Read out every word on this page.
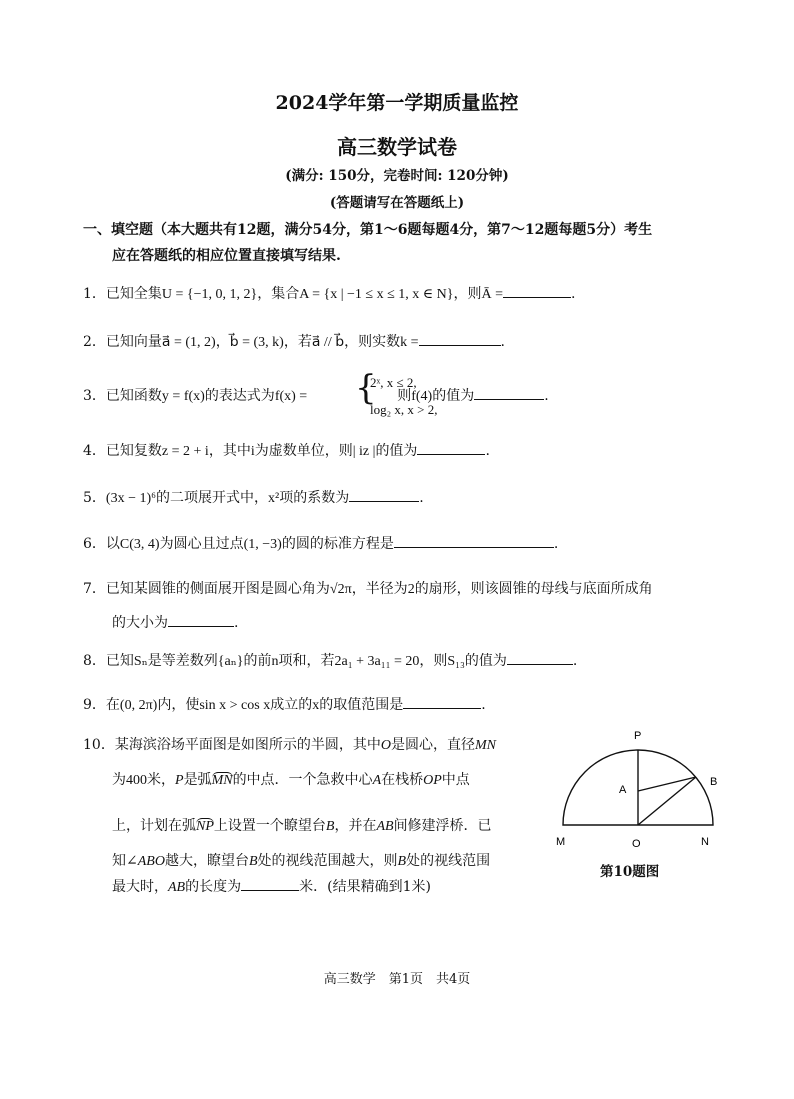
2024学年第一学期质量监控
高三数学试卷
(满分: 150分，完卷时间: 120分钟)
(答题请写在答题纸上)
一、填空题（本大题共有12题，满分54分，第1～6题每题4分，第7～12题每题5分）考生
应在答题纸的相应位置直接填写结果.
1．已知全集U = {−1, 0, 1, 2}，集合A = {x | −1 ≤ x ≤ 1, x ∈ N}，则Ā =	.
2．已知向量a⃗ = (1, 2)，b⃗ = (3, k)，若a⃗ // b⃗，则实数k =	.
3．已知函数y = f(x)的表达式为f(x) =	则f(4)的值为	.
{
2ˣ, x ≤ 2,
log₂ x, x > 2,
4．已知复数z = 2 + i，其中i为虚数单位，则| iz |的值为	.
5．(3x − 1)⁶的二项展开式中，x²项的系数为	.
6．以C(3, 4)为圆心且过点(1, −3)的圆的标准方程是	.
7．已知某圆锥的侧面展开图是圆心角为√2π，半径为2的扇形，则该圆锥的母线与底面所成角
的大小为	.
8．已知Sₙ是等差数列{aₙ}的前n项和，若2a₁ + 3a₁₁ = 20，则S₁₃的值为	.
9．在(0, 2π)内，使sin x > cos x成立的x的取值范围是	.
10．某海滨浴场平面图是如图所示的半圆，其中O是圆心，直径MN
为400米，P是弧MN的中点．一个急救中心A在栈桥OP中点
上，计划在弧NP上设置一个瞭望台B，并在AB间修建浮桥．已
知∠ABO越大，瞭望台B处的视线范围越大，则B处的视线范围
最大时，AB的长度为	米．(结果精确到1米)
P
B
A
M	O	N
第10题图
高三数学　第1页　共4页
